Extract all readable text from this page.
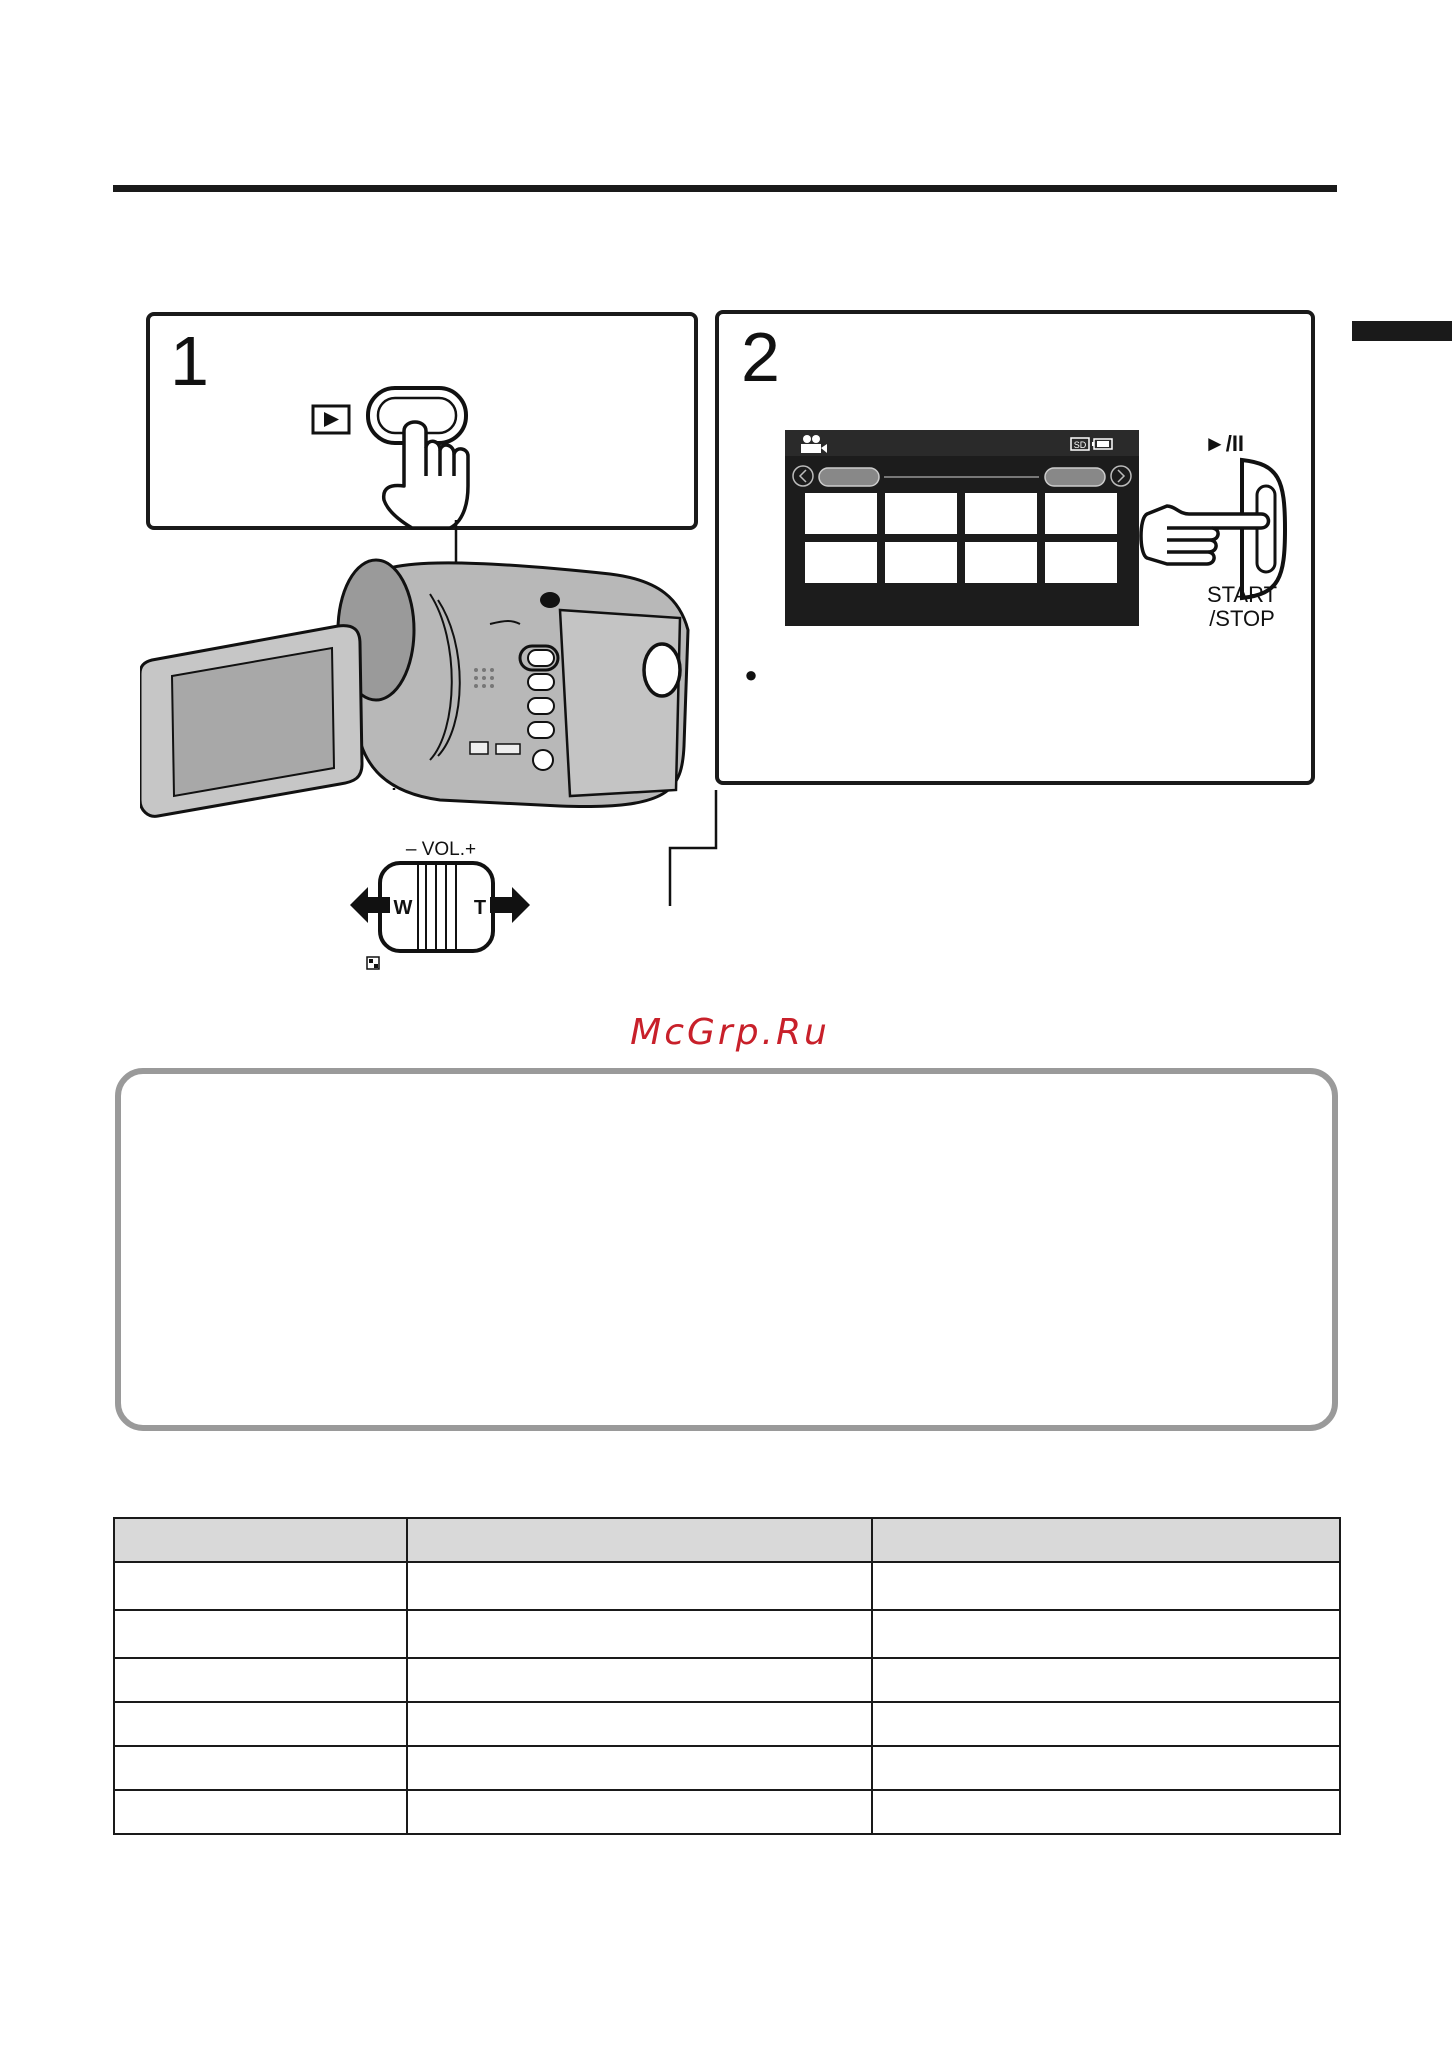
1	2
SD	►/II
START
/STOP
●
– VOL.+
W	T
McGrp.Ru
